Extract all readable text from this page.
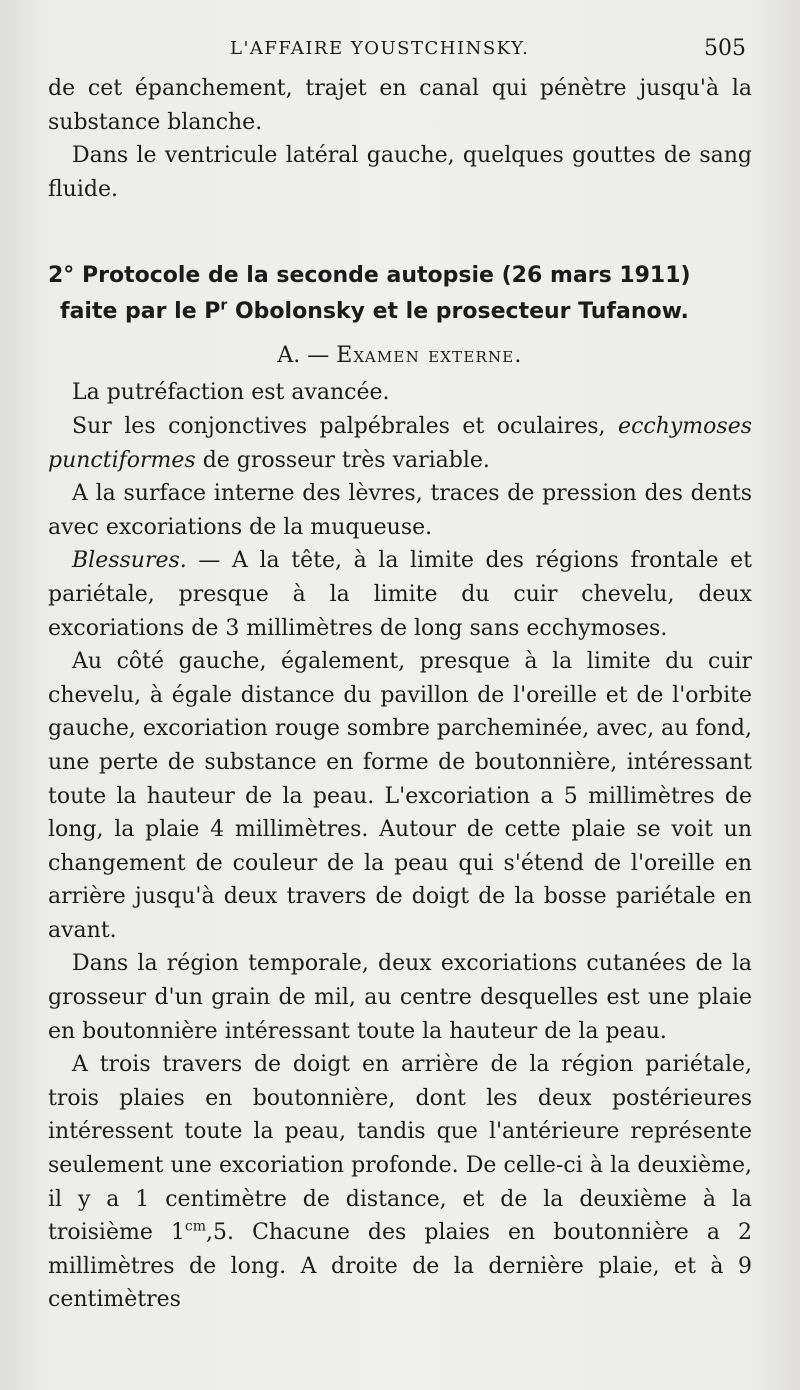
L'AFFAIRE YOUSTCHINSKY.	505

de cet épanchement, trajet en canal qui pénètre jusqu'à la substance blanche.

Dans le ventricule latéral gauche, quelques gouttes de sang fluide.

2° Protocole de la seconde autopsie (26 mars 1911)
faite par le $P^r$ Obolonsky et le prosecteur Tufanow.
A. — Examen externe.

La putréfaction est avancée.

Sur les conjonctives palpébrales et oculaires, ecchymoses punctiformes de grosseur très variable.

A la surface interne des lèvres, traces de pression des dents avec excoriations de la muqueuse.

Blessures. — A la tête, à la limite des régions frontale et pariétale, presque à la limite du cuir chevelu, deux excoriations de 3 millimètres de long sans ecchymoses.

Au côté gauche, également, presque à la limite du cuir chevelu, à égale distance du pavillon de l'oreille et de l'orbite gauche, excoriation rouge sombre parcheminée, avec, au fond, une perte de substance en forme de boutonnière, intéressant toute la hauteur de la peau. L'excoriation a 5 millimètres de long, la plaie 4 millimètres. Autour de cette plaie se voit un changement de couleur de la peau qui s'étend de l'oreille en arrière jusqu'à deux travers de doigt de la bosse pariétale en avant.

Dans la région temporale, deux excoriations cutanées de la grosseur d'un grain de mil, au centre desquelles est une plaie en boutonnière intéressant toute la hauteur de la peau.

A trois travers de doigt en arrière de la région pariétale, trois plaies en boutonnière, dont les deux postérieures intéressent toute la peau, tandis que l'antérieure représente seulement une excoriation profonde. De celle-ci à la deuxième, il y a 1 centimètre de distance, et de la deuxième à la troisième $1^{cm},5$. Chacune des plaies en boutonnière a 2 millimètres de long. A droite de la dernière plaie, et à 9 centimètres
